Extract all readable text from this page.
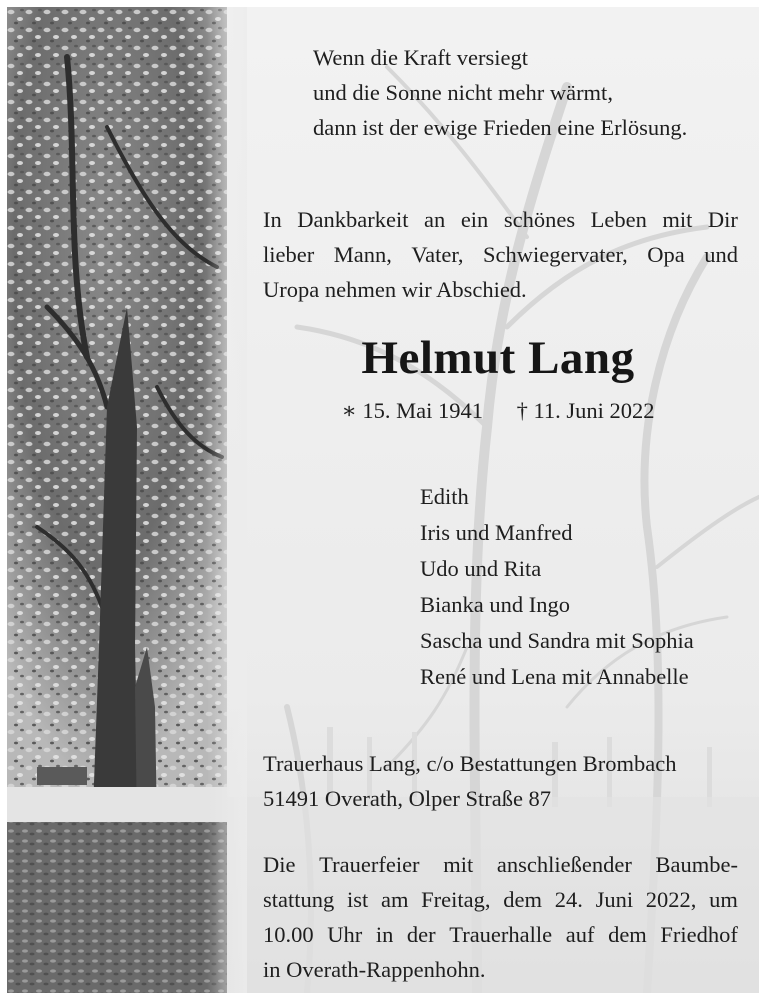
Wenn die Kraft versiegt
und die Sonne nicht mehr wärmt,
dann ist der ewige Frieden eine Erlösung.
In Dankbarkeit an ein schönes Leben mit Dir
lieber Mann, Vater, Schwiegervater, Opa und
Uropa nehmen wir Abschied.
Helmut Lang
∗ 15. Mai 1941 † 11. Juni 2022
Edith
Iris und Manfred
Udo und Rita
Bianka und Ingo
Sascha und Sandra mit Sophia
René und Lena mit Annabelle
Trauerhaus Lang, c/o Bestattungen Brombach
51491 Overath, Olper Straße 87
Die Trauerfeier mit anschließender Baumbe-
stattung ist am Freitag, dem 24. Juni 2022, um
10.00 Uhr in der Trauerhalle auf dem Friedhof
in Overath-Rappenhohn.
